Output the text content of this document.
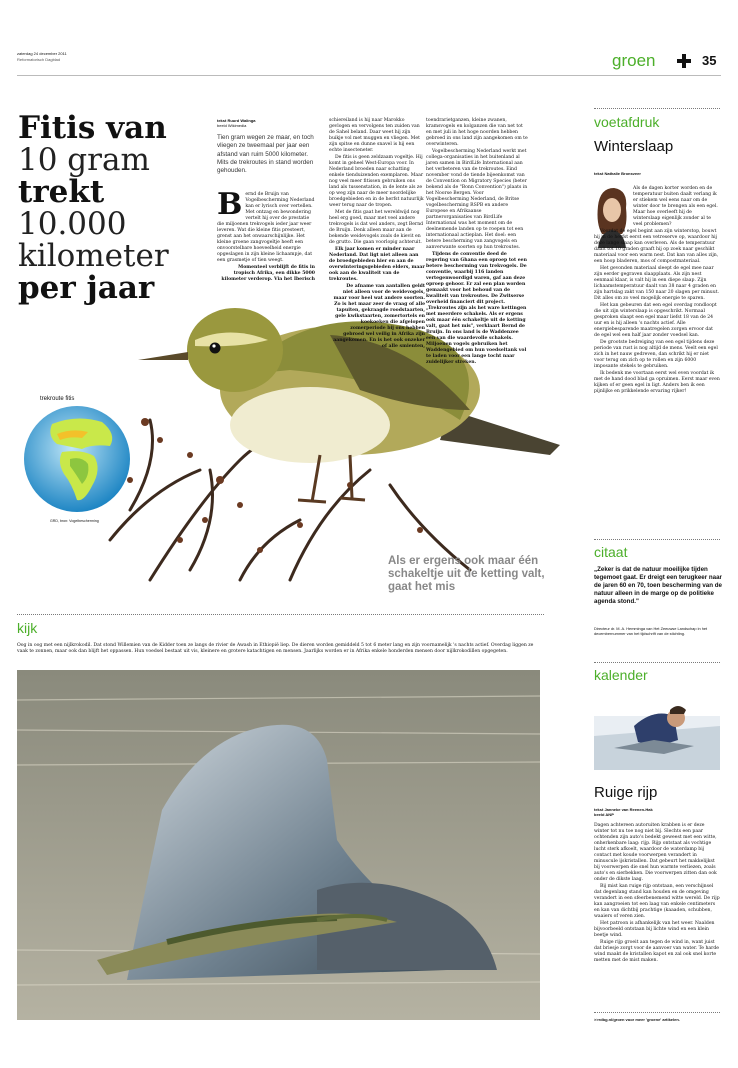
zaterdag 24 december 2011
Reformatorisch Dagblad	groen	35
Fitis van
10 gram
trekt
10.000
kilometer
per jaar
tekst Ruurd Walinga
beeld Wikimedia
Tien gram wegen ze maar, en toch vliegen ze tweemaal per jaar een afstand van ruim 5000 kilometer. Mits de trekroutes in stand worden gehouden.
B ernd de Bruijn van Vogelbescherming Nederland kan er lyrisch over vertellen. Met ontzag en bewondering vertelt hij over de prestatie die miljoenen trekvogels ieder jaar weer leveren. Wat die kleine fitis presteert, grenst aan het onwaarschijnlijke. Het kleine groene zangvogeltje heeft een onvoorstelbare hoeveelheid energie opgeslagen in zijn kleine lichaampje, dat een grasmetje of tien weegt.

Momenteel verblijft de fitis in tropisch Afrika, een dikke 5000 kilometer verderop. Via het Iberisch

schiereiland is hij naar Marokko gevlogen en vervolgens ten zuiden van de Sahel beland. Daar weet hij zijn buikje vol met muggen en vliegen. Met zijn spitse en dunne snavel is hij een echte insecteneter.

De fitis is geen zeldzaam vogeltje. Hij komt in geheel West-Europa voor. In Nederland broeden naar schatting enkele tienduizenden exemplaren. Maar nog veel meer fitissen gebruiken ons land als tussenstation, in de lente als ze op weg zijn naar de meer noordelijke broedgebieden en in de herfst natuurlijk weer terug naar de tropen.

Met de fitis gaat het wereldwijd nog heel erg goed, maar met veel andere trekvogels is dat wel anders, zegt Bernd de Bruijn. Denk alleen maar aan de bekende weidevogels zoals de kievit en de grutto. Die gaan voorlopig achteruit.

Elk jaar komen er minder naar Nederland. Dat ligt niet alleen aan de broedgebieden hier en aan de overwinteringsgebieden elders, maar ook aan de kwaliteit van de trekroutes.

De afname van aantallen geldt niet alleen voor de weidevogels, maar voor heel wat andere soorten. Zo is het maar zeer de vraag of alle tapuiten, gekraagde roodstaarten, gele kwikstaarten, zomertortels en koekoeken die afgelopen zomerperiode bij ons hebben gebroed wel veilig in Afrika zijn aangekomen. En is het ook onzeker of alle smienten,

toendrarietganzen, kleine zwanen, kramsvogels en kolganzen die van net tot en met juli in het hoge noorden hebben gebroed in ons land zijn aangekomen om te overwinteren.

Vogelbescherming Nederland werkt met collega-organisaties in het buitenland al jaren samen in BirdLife International aan het verbeteren van de trekroutes. Eind november vond de tiende bijeenkomst van de Convention on Migratory Species (beter bekend als de "Bonn Convention") plaats in het Noorse Bergen. Voor Vogelbescherming Nederland, de Britse vogelbescherming RSPB en andere Europese en Afrikaanse partnerorganisaties van BirdLife International was het moment om de deelnemende landen op te roepen tot een internationaal actieplan. Het doel: een betere bescherming van zangvogels en aanverwante soorten op hun trekroutes.

Tijdens de conventie deed de regering van Ghana een oproep tot een betere bescherming van trekvogels. De conventie, waarbij 116 landen vertegenwoordigd waren, gaf aan deze oproep gehoor. Er zal een plan worden gemaakt voor het behoud van de kwaliteit van trekroutes. De Zwitserse overheid financiert dit project. „Trekroutes zijn als het ware kettingen met meerdere schakels. Als er ergens ook maar één schakeltje uit de ketting valt, gaat het mis", verklaart Bernd de Bruijn. In ons land is de Waddenzee een van die waardevolle schakels. Miljoenen vogels gebruiken het Waddengebied om hun voedseltank vol te laden voor een lange tocht naar zuidelijker streken.

trekroute fitis
GRD, bron: Vogelbescherming
Als er ergens ook maar één schakeltje uit de ketting valt, gaat het mis
kijk
Oog in oog met een nijlkrokodil. Dat stond Willemien van de Kidder toen ze langs de rivier de Awash in Ethiopië liep. De dieren worden gemiddeld 5 tot 6 meter lang en zijn voornamelijk 's nachts actief. Overdag liggen ze vaak te zonnen, maar ook dan blijft het oppassen. Hun voedsel bestaat uit vis, kleinere en grotere katachtigen en mensen. Jaarlijks worden er in Afrika enkele honderden mensen door nijlkrokodillen opgegeten.
voetafdruk
Winterslaap
tekst Nathalie Bronsveer

Als de dagen korter worden en de temperatuur buiten daalt verlang ik er stiekem wel eens naar om de winter door te brengen als een egel. Maar hoe overleeft hij de winterslaap eigenlijk zonder al te veel problemen?

Voordat de egel begint aan zijn winterstop, bouwt hij in de herfst eerst een vetreserve op, waardoor hij deze lange slaap kan overleven. Als de temperatuur daalt tot 10 graden graaft hij op zoek naar geschikt materiaal voor een warm nest. Dat kan van alles zijn, een hoop bladeren, mos of compostmateriaal.

Het gevonden materiaal sleept de egel mee naar zijn eerder gegraven slaapplaats. Als zijn nest eenmaal klaar, is valt hij in een diepe slaap. Zijn lichaamstemperatuur daalt van 38 naar 4 graden en zijn hartslag zakt van 150 naar 20 slagen per minuut. Dit alles om zo veel mogelijk energie te sparen.

Het kan gebeuren dat een egel overdag rondloopt die uit zijn winterslaap is opgeschrikt. Normaal gesproken slaapt een egel maar liefst 18 van de 24 uur en is hij alleen 's nachts actief. Alle energiebesparende maatregelen zorgen ervoor dat de egel wel een half jaar zonder voedsel kan.

De grootste bedreiging van een egel tijdens deze periode van rust is nog altijd de mens. Veelt een egel zich in het nauw gedreven, dan schrikt hij er niet voor terug om zich op te rollen en zijn 6000 imposante stekels te gebruiken.

Ik bedenk me voortaan eerst wel even voordat ik met de hand dood blad ga opruimen. Eerst maar even kijken of er geen egel in ligt. Anders ben ik een pijnlijke en prikkelende ervaring rijker!

citaat
„Zeker is dat de natuur moeilijke tijden tegemoet gaat. Er dreigt een terugkeer naar de jaren 60 en 70, toen bescherming van de natuur alleen in de marge op de politieke agenda stond."
Directeur dr. M. A. Hemminga van Het Zeeuwse Landschap in het decembernummer van het tijdschrift van de stichting.
kalender
Ruige rijp
tekst Janneke van Reenen-Hak
beeld ANP

Dagen achtereen autoruiten krabben is er deze winter tot nu toe nog niet bij. Slechts een paar ochtenden zijn auto's bedekt geweest met een witte, onherkenbare laag: rijp. Rijp ontstaat als vochtige lucht sterk afkoelt, waardoor de waterdamp bij contact met koude voorwerpen verandert in minuscule ijskristallen. Dat gebeurt het makkelijkst bij voorwerpen die snel hun warmte verliezen, zoals auto's en sierbekken. Die voorwerpen zitten dan ook onder de dikste laag.

Bij mist kan ruige rijp ontstaan, een verschijnsel dat degenlang stand kan houden en de omgeving verandert in een sfeerbenemend witte wereld. De rijp kan aangroeien tot een laag van enkele centimeters en kan van dichtbij prachtige (kaaaden, schubben, waaiers of veren zien.

Het patroon is afhankelijk van het weer. Naalden bijvoorbeeld ontstaan bij lichte wind en een klein beetje wind.

Ruige rijp groeit aan tegen de wind in, want juist dat briesje zorgt voor de aanvoer van water. Te harde wind maakt de kristallen kapot en zal ook snel korte metten met de mist maken.

>>rdbg.nl/groen voor meer 'groene' artikelen.
